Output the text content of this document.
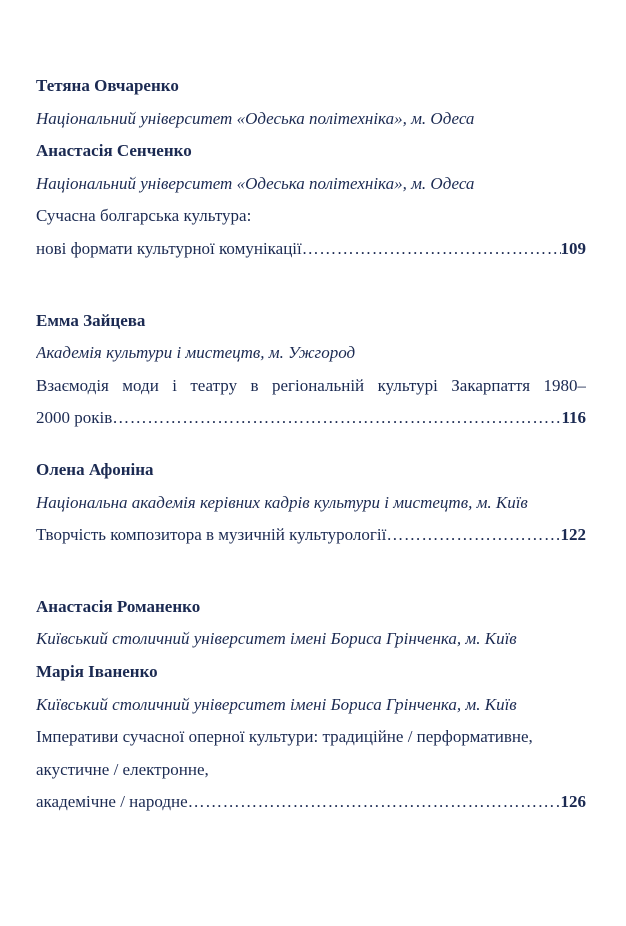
Тетяна Овчаренко
Національний університет «Одеська політехніка», м. Одеса
Анастасія Сенченко
Національний університет «Одеська політехніка», м. Одеса
Сучасна болгарська культура:
нові формати культурної комунікації ……………………………………………………………………………………………………………………………………………………………………	109
Емма Зайцева
Академія культури і мистецтв, м. Ужгород
Взаємодія моди і театру в регіональній культурі Закарпаття 1980–
2000 років ……………………………………………………………………………………………………………………………………………………………………	116
Олена Афоніна
Національна академія керівних кадрів культури і мистецтв, м. Київ
Творчість композитора в музичній культурології ……………………………………………………………………………………………………………………………………………………………………	122
Анастасія Романенко
Київський столичний університет імені Бориса Грінченка, м. Київ
Марія Іваненко
Київський столичний університет імені Бориса Грінченка, м. Київ
Імперативи сучасної оперної культури: традиційне / перформативне,
акустичне / електронне,
академічне / народне ……………………………………………………………………………………………………………………………………………………………………	126
